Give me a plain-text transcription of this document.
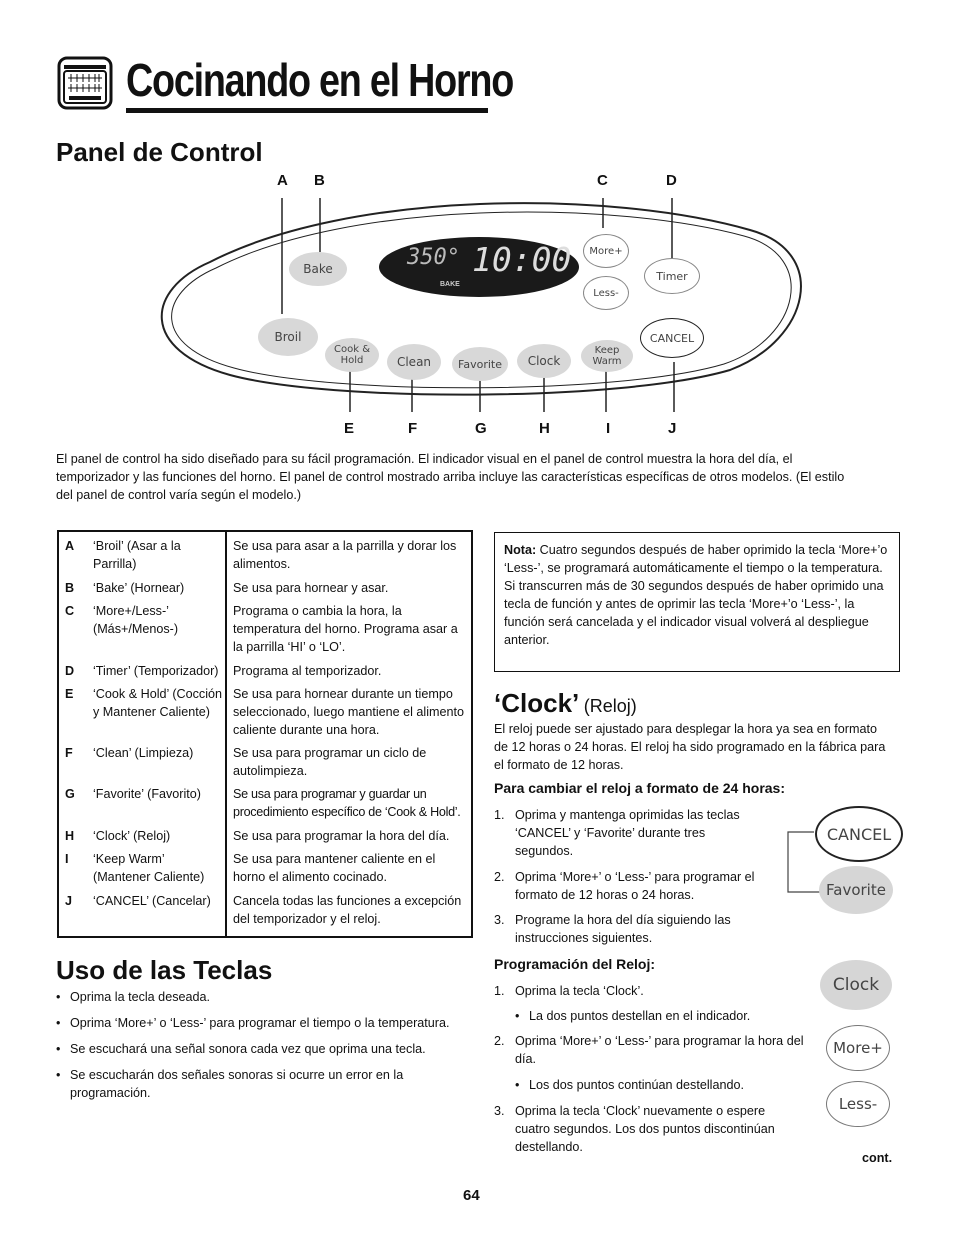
Cocinando en el Horno
Panel de Control
A B	C	D
350° 10:00
BAKE
Bake
Broil
Cook &
Hold	Clean	Favorite	Clock
Keep
Warm
More+
Less-
Timer
CANCEL
E	F	G	H	I	J
El panel de control ha sido diseñado para su fácil programación. El indicador visual en el panel de control muestra la hora del día, el temporizador y las funciones del horno. El panel de control mostrado arriba incluye las características específicas de otros modelos. (El estilo del panel de control varía según el modelo.)
A ‘Broil’ (Asar a la Parrilla)
Se usa para asar a la parrilla y dorar los alimentos.
B ‘Bake’ (Hornear)	Se usa para hornear y asar.
C ‘More+/Less-’ (Más+/Menos-)
Programa o cambia la hora, la temperatura del horno. Programa asar a la parrilla ‘HI’ o ‘LO’.
D ‘Timer’ (Temporizador)	Programa al temporizador.
E ‘Cook & Hold’ (Cocción y Mantener Caliente)
Se usa para hornear durante un tiempo seleccionado, luego mantiene el alimento caliente durante una hora.
F ‘Clean’ (Limpieza)	Se usa para programar un ciclo de autolimpieza.
G ‘Favorite’ (Favorito)	Se usa para programar y guardar un procedimiento específico de ‘Cook & Hold’.
H ‘Clock’ (Reloj)	Se usa para programar la hora del día.
I ‘Keep Warm’ (Mantener Caliente)
Se usa para mantener caliente en el horno el alimento cocinado.
J ‘CANCEL’ (Cancelar)	Cancela todas las funciones a excepción del temporizador y el reloj.
Uso de las Teclas
• Oprima la tecla deseada.
• Oprima ‘More+’ o ‘Less-’ para programar el tiempo o la temperatura.
• Se escuchará una señal sonora cada vez que oprima una tecla.
• Se escucharán dos señales sonoras si ocurre un error en la programación.
Nota: Cuatro segundos después de haber oprimido la tecla ‘More+’o ‘Less-’, se programará automáticamente el tiempo o la temperatura. Si transcurren más de 30 segundos después de haber oprimido una tecla de función y antes de oprimir las tecla ‘More+’o ‘Less-’, la función será cancelada y el indicador visual volverá al despliegue anterior.
‘Clock’ (Reloj)
El reloj puede ser ajustado para desplegar la hora ya sea en formato de 12 horas o 24 horas. El reloj ha sido programado en la fábrica para el formato de 12 horas.
Para cambiar el reloj a formato de 24 horas:
1. Oprima y mantenga oprimidas las teclas ‘CANCEL’ y ‘Favorite’ durante tres segundos.
2. Oprima ‘More+’ o ‘Less-’ para programar el formato de 12 horas o 24 horas.
3. Programe la hora del día siguiendo las instrucciones siguientes.
Programación del Reloj:
1. Oprima la tecla ‘Clock’.
• La dos puntos destellan en el indicador.
2. Oprima ‘More+’ o ‘Less-’ para programar la hora del día.
• Los dos puntos continúan destellando.
3. Oprima la tecla ‘Clock’ nuevamente o espere cuatro segundos. Los dos puntos discontinúan destellando.
CANCEL
Favorite
Clock
More+
Less-
cont.
64
